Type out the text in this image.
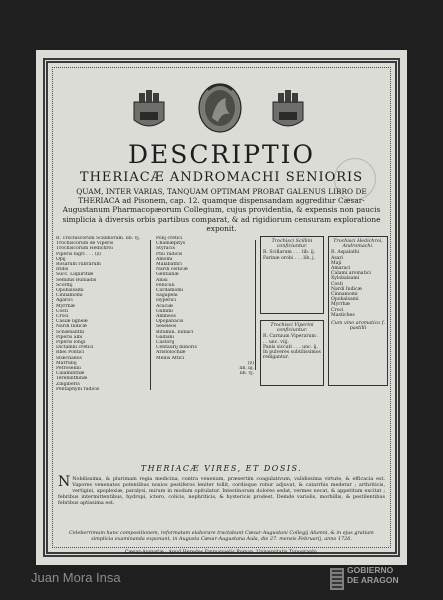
DESCRIPTIO
THERIACÆ ANDROMACHI SENIORIS
QUAM, INTER VARIAS, TANQUAM OPTIMAM PROBAT GALENUS LIBRO DE THERIACA ad Pisonem, cap. 12. quamque dispensandam aggreditur Cæsar-Augustanum Pharmacopæorum Collegium, cujus providentia, & expensis non paucis simplicia à diversis orbis partibus comparat, & ad rigidiorum censuram exploratione exponit.
R. Trochiscorum Scillinorum. lib. vj.
Trochiscorum de Viperis
Trochiscorum Hedichroi
Piperis nigri . . . (z)
Opij
Rosarum rubrarum
Iridis
Succ. Liquiritiæ
Seminis Buniadis
Scordij
Opobalsami
Cinnamomi
Agarici
Myrrhæ
Costi
Croci
Casiæ ligneæ
Nardi Indicæ
Schœnanthi
Piperis albi
Piperis longi
Dictamni cretici
Rhei Pontici
Stœchados
Marrubij
Petroselini
Calaminthæ
Terebinthinæ
Zingiberis
Pentaphylli radicis
Polij cretici
Chamæpitys
Styracis
Phu radicis
Amomi
Malabathri
Nardi celticæ
Gentianæ
Anisi
Feniculi
Cardamomi
Sagapeni
Hyperici
Acaciæ
Gummi
Ammeos
Opopanacis
Seseleos
Bitumin. Iudaici
Galbani
Castorij
Centaurij minoris
Aristolochiæ
Mellis Attici
(z)
lib. iij.
lib. vj.
Trochisci Scillini conficiuntur.
R. Scillarum . . . lib. ij.
Farinæ orobi . . . lib. j.
Trochisci Viperini conficiuntur.
R. Carnium Viperarum . . . unc. viij.
Panis siccati . . . unc. ij.
In pulveres subtilissimos redigantur.
Trochisci Hedichroi, Andromachi.
R. Aspalathi
Asari
Maji
Amaraci
Calami aromatici
Xylobalsami
Costi
Nardi Indicæ
Cinnamomi
Opobalsami
Myrrhæ
Croci
Mastiches
Cum vino aromatico f. pastilli
THERIACÆ VIRES, ET DOSIS.
N Nobilissima, & plurimam regia medicina, contra venenum, præsertim coagulativum, validissima virtute, & efficacia est. Vapores venenatos potentibus noxios pestiferos leniter tollit, cordisque robur adjuvat, & catarrhis medetur ; arthriticis, vertigini, apoplexiæ, paralysi, mirum in modum opitulatur. Intestinorum dolores sedat, vermes necat, & appetitum excitat ; febribus intermittentibus, hydropi, ictero, colicis, nephriticis, & hystericis prodest. Deinde variolis, morbillis, & pestilentibus febribus aptissima est.
Celeberrimum hanc compositionem, reformatam elaborare tractabunt Cæsar-Augustani Collegij Alumni, & in ejus gratiam simplicia examinanda exponunt, in Augusta Cæsar-Augustana Aula, die 27. mensis Februarij, anno 1726.
Cæsar-Augustæ : Apud Heredes Emmanuelis Roman, Universitatis Typographi.
Juan Mora Insa	GOBIERNO
DE ARAGON
